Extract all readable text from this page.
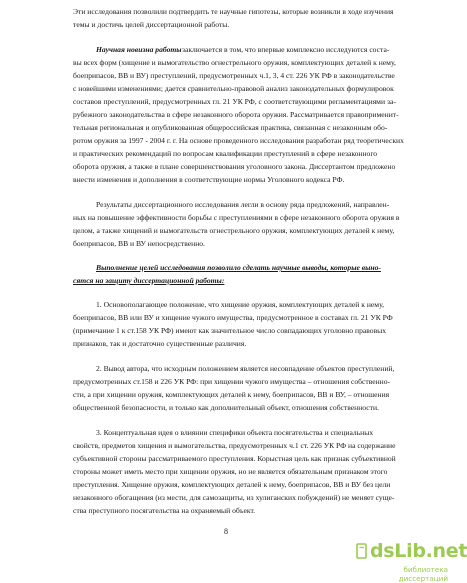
Эти исследования позволили подтвердить те научные гипотезы, которые возникли в ходе изучения
темы и достичь целей диссертационной работы.
Научная новизна работы заключается в том, что впервые комплексно исследуются соста-
вы всех форм (хищение и вымогательство огнестрельного оружия, комплектующих деталей к нему,
боеприпасов, ВВ и ВУ) преступлений, предусмотренных ч.1, 3, 4 ст. 226 УК РФ в законодательстве
с новейшими изменениями; дается сравнительно-правовой анализ законодательных формулировок
составов преступлений, предусмотренных гл. 21 УК РФ, с соответствующими регламентациями за-
рубежного законодательства в сфере незаконного оборота оружия. Рассматривается правоприменит-
тельная региональная и опубликованная общероссийская практика, связанная с незаконным обо-
ротом оружия за 1997 - 2004 г. г. На основе проведенного исследования разработан ряд теоретических
и практических рекомендаций по вопросам квалификации преступлений в сфере незаконного
оборота оружия, а также в плане совершенствования уголовного закона. Диссертантом предложено
внести изменения и дополнения в соответствующие нормы Уголовного кодекса РФ.
Результаты диссертационного исследования легли в основу ряда предложений, направлен-
ных на повышение эффективности борьбы с преступлениями в сфере незаконного оборота оружия в
целом, а также хищений и вымогательств огнестрельного оружия, комплектующих деталей к нему,
боеприпасов, ВВ и ВУ непосредственно.
Выполнение целей исследования позволило сделать научные выводы, которые выно-
сятся на защиту диссертационной работы:
1. Основополагающее положение, что хищение оружия, комплектующих деталей к нему,
боеприпасов, ВВ или ВУ и хищение чужого имущества, предусмотренное в составах гл. 21 УК РФ
(примечание 1 к ст.158 УК РФ) имеют как значительное число совпадающих уголовно правовых
признаков, так и достаточно существенные различия.
2. Вывод автора, что исходным положением является несовпадение объектов преступлений,
предусмотренных ст.158 и 226 УК РФ: при хищении чужого имущества – отношения собственно-
сти, а при хищении оружия, комплектующих деталей к нему, боеприпасов, ВВ и ВУ, – отношения
общественной безопасности, и только как дополнительный объект, отношения собственности.
3. Концептуальная идея о влиянии специфики объекта посягательства и специальных
свойств, предметов хищения и вымогательства, предусмотренных ч.1 ст. 226 УК РФ на содержание
субъективной стороны рассматриваемого преступления. Корыстная цель как признак субъективной
стороны может иметь место при хищении оружия, но не является обязательным признаком этого
преступления. Хищение оружия, комплектующих деталей к нему, боеприпасов, ВВ и ВУ без цели
незаконного обогащения (из мести, для самозащиты, из хулиганских побуждений) не меняет суще-
ства преступного посягательства на охраняемый объект.
8
dsLib.net
библиотека диссертаций
